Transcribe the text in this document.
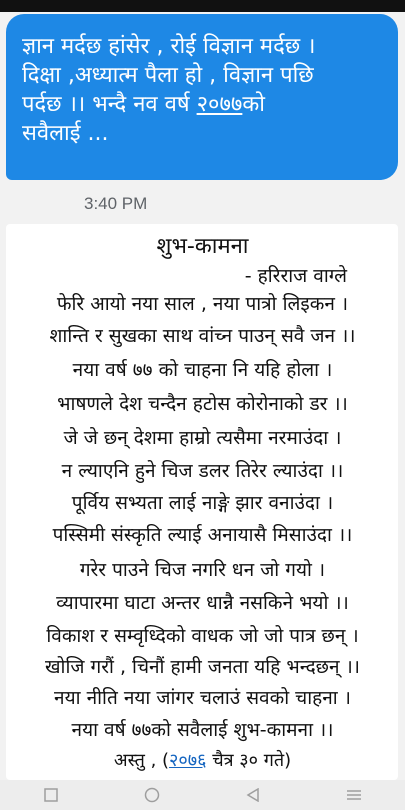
ज्ञान मर्दछ हांसेर , रोई विज्ञान मर्दछ ।
दिक्षा ,अध्यात्म पैला हो , विज्ञान पछि
पर्दछ ।। भन्दै नव वर्ष २०७७को
सवैलाई ...
3:40 PM
शुभ-कामना
- हरिराज वाग्ले
फेरि आयो नया साल , नया पात्रो लिइकन ।
शान्ति र सुखका साथ वांच्न पाउन् सवै जन ।।
नया वर्ष ७७ को चाहना नि यहि होला ।
भाषणले देश चन्दैन हटोस कोरोनाको डर ।।
जे जे छन् देशमा हाम्रो त्यसैमा नरमाउंदा ।
न ल्याएनि हुने चिज डलर तिरेर ल्याउंदा ।।
पूर्विय सभ्यता लाई नाङ्गे झार वनाउंदा ।
पस्सिमी संस्कृति ल्याई अनायासै मिसाउंदा ।।
गरेर पाउने चिज नगरि धन जो गयो ।
व्यापारमा घाटा अन्तर धान्नै नसकिने भयो ।।
विकाश र सम्वृध्दिको वाधक जो जो पात्र छन् ।
खोजि गरौं , चिनौं हामी जनता यहि भन्दछन् ।।
नया नीति नया जांगर चलाउं सवको चाहना ।
नया वर्ष ७७को सवैलाई शुभ-कामना ।।
अस्तु , (२०७६ चैत्र ३० गते)
